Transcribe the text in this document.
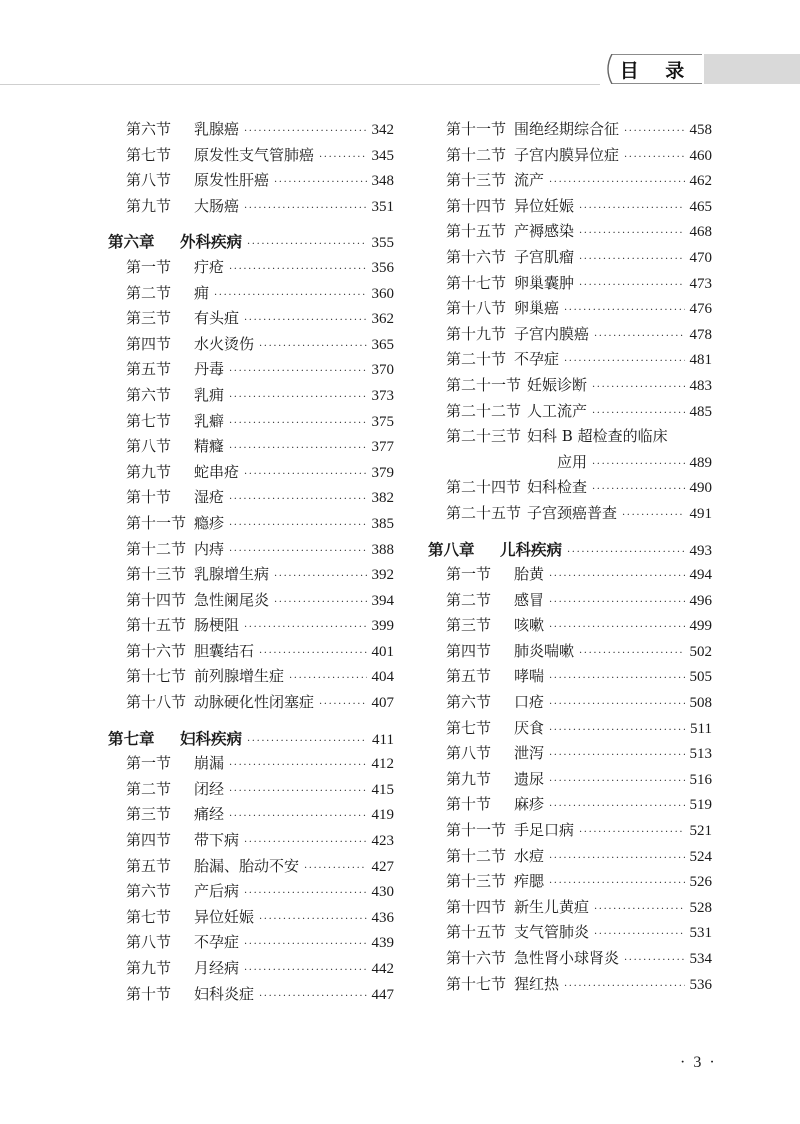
目 录
第六节	乳腺癌 ·····	342
第七节	原发性支气管肺癌 ·····	345
第八节	原发性肝癌 ·····	348
第九节	大肠癌 ·····	351
第六章	外科疾病 ·····	355
第一节	疔疮 ·····	356
第二节	痈 ·····	360
第三节	有头疽 ·····	362
第四节	水火烫伤 ·····	365
第五节	丹毒 ·····	370
第六节	乳痈 ·····	373
第七节	乳癖 ·····	375
第八节	精癃 ·····	377
第九节	蛇串疮 ·····	379
第十节	湿疮 ·····	382
第十一节 瘾疹 ·····	385
第十二节 内痔 ·····	388
第十三节 乳腺增生病 ·····	392
第十四节 急性阑尾炎 ·····	394
第十五节 肠梗阻 ·····	399
第十六节 胆囊结石 ·····	401
第十七节 前列腺增生症 ·····	404
第十八节 动脉硬化性闭塞症 ·····	407
第七章	妇科疾病 ·····	411
第一节	崩漏 ·····	412
第二节	闭经 ·····	415
第三节	痛经 ·····	419
第四节	带下病 ·····	423
第五节	胎漏、胎动不安 ·····	427
第六节	产后病 ·····	430
第七节	异位妊娠 ·····	436
第八节	不孕症 ·····	439
第九节	月经病 ·····	442
第十节	妇科炎症 ·····	447
第十一节 围绝经期综合征 ·····	458
第十二节 子宫内膜异位症 ·····	460
第十三节 流产 ·····	462
第十四节 异位妊娠 ·····	465
第十五节 产褥感染 ·····	468
第十六节 子宫肌瘤 ·····	470
第十七节 卵巢囊肿 ·····	473
第十八节 卵巢癌 ·····	476
第十九节 子宫内膜癌 ·····	478
第二十节 不孕症 ·····	481
第二十一节 妊娠诊断 ·····	483
第二十二节 人工流产 ·····	485
第二十三节 妇科 B 超检查的临床
应用 ·····	489
第二十四节 妇科检查 ·····	490
第二十五节 子宫颈癌普查 ·····	491
第八章	儿科疾病 ·····	493
第一节	胎黄 ·····	494
第二节	感冒 ·····	496
第三节	咳嗽 ·····	499
第四节	肺炎喘嗽 ·····	502
第五节	哮喘 ·····	505
第六节	口疮 ·····	508
第七节	厌食 ·····	511
第八节	泄泻 ·····	513
第九节	遗尿 ·····	516
第十节	麻疹 ·····	519
第十一节 手足口病 ·····	521
第十二节 水痘 ·····	524
第十三节 痄腮 ·····	526
第十四节 新生儿黄疸 ·····	528
第十五节 支气管肺炎 ·····	531
第十六节 急性肾小球肾炎 ·····	534
第十七节 猩红热 ·····	536
· 3 ·
